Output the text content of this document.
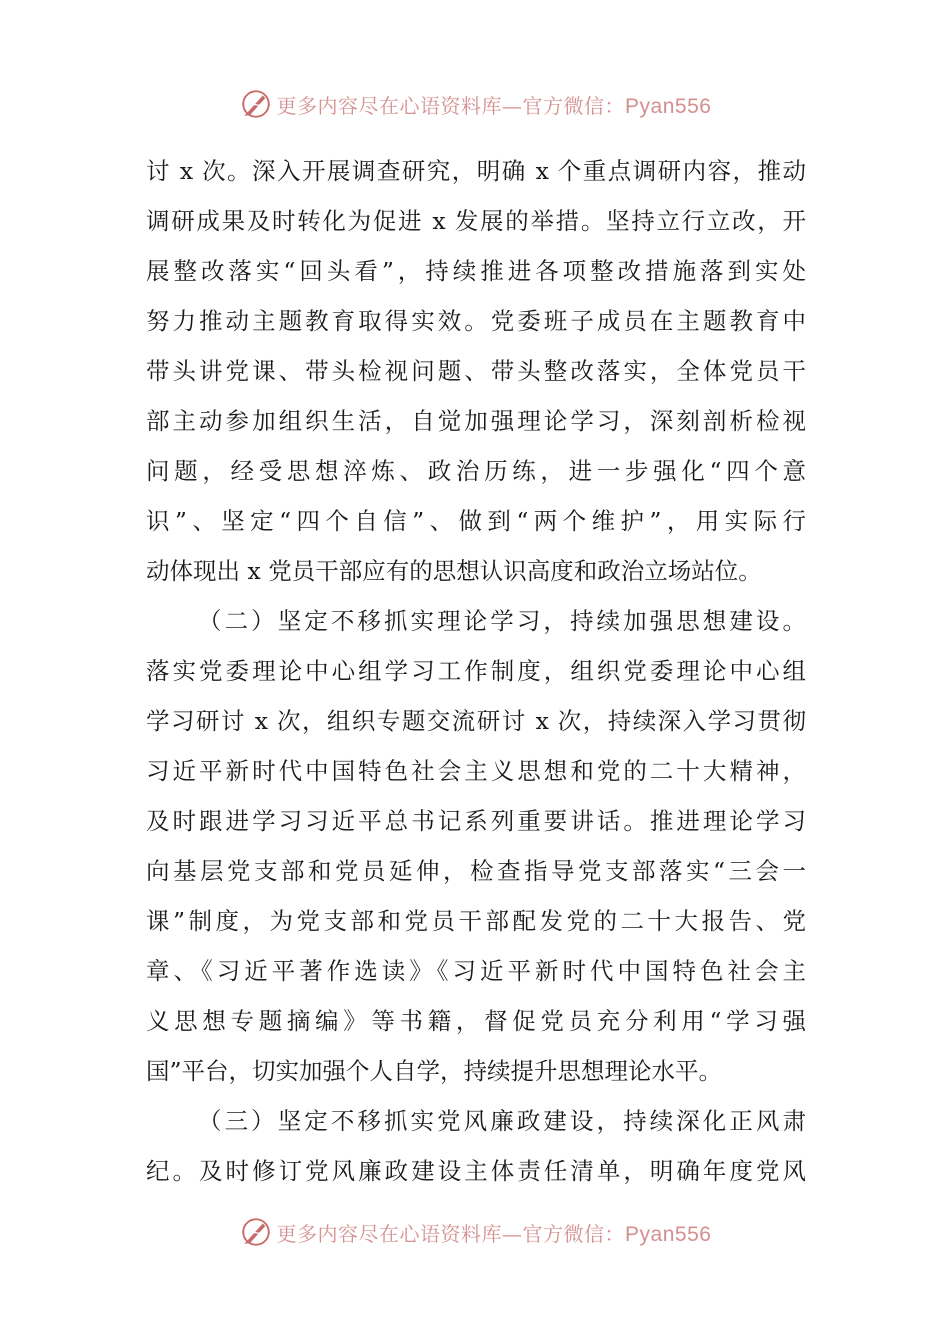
更多内容尽在心语资料库—官方微信：Pyan556
讨 x 次。深入开展调查研究，明确 x 个重点调研内容，推动
调研成果及时转化为促进 x 发展的举措。坚持立行立改，开
展整改落实“回头看”，持续推进各项整改措施落到实处
努力推动主题教育取得实效。党委班子成员在主题教育中
带头讲党课、带头检视问题、带头整改落实，全体党员干
部主动参加组织生活，自觉加强理论学习，深刻剖析检视
问题，经受思想淬炼、政治历练，进一步强化“四个意
识”、坚定“四个自信”、做到“两个维护”，用实际行
动体现出 x 党员干部应有的思想认识高度和政治立场站位。
（二）坚定不移抓实理论学习，持续加强思想建设。
落实党委理论中心组学习工作制度，组织党委理论中心组
学习研讨 x 次，组织专题交流研讨 x 次，持续深入学习贯彻
习近平新时代中国特色社会主义思想和党的二十大精神，
及时跟进学习习近平总书记系列重要讲话。推进理论学习
向基层党支部和党员延伸，检查指导党支部落实“三会一
课”制度，为党支部和党员干部配发党的二十大报告、党
章、《习近平著作选读》《习近平新时代中国特色社会主
义思想专题摘编》等书籍，督促党员充分利用“学习强
国”平台，切实加强个人自学，持续提升思想理论水平。
（三）坚定不移抓实党风廉政建设，持续深化正风肃
纪。及时修订党风廉政建设主体责任清单，明确年度党风
更多内容尽在心语资料库—官方微信：Pyan556
